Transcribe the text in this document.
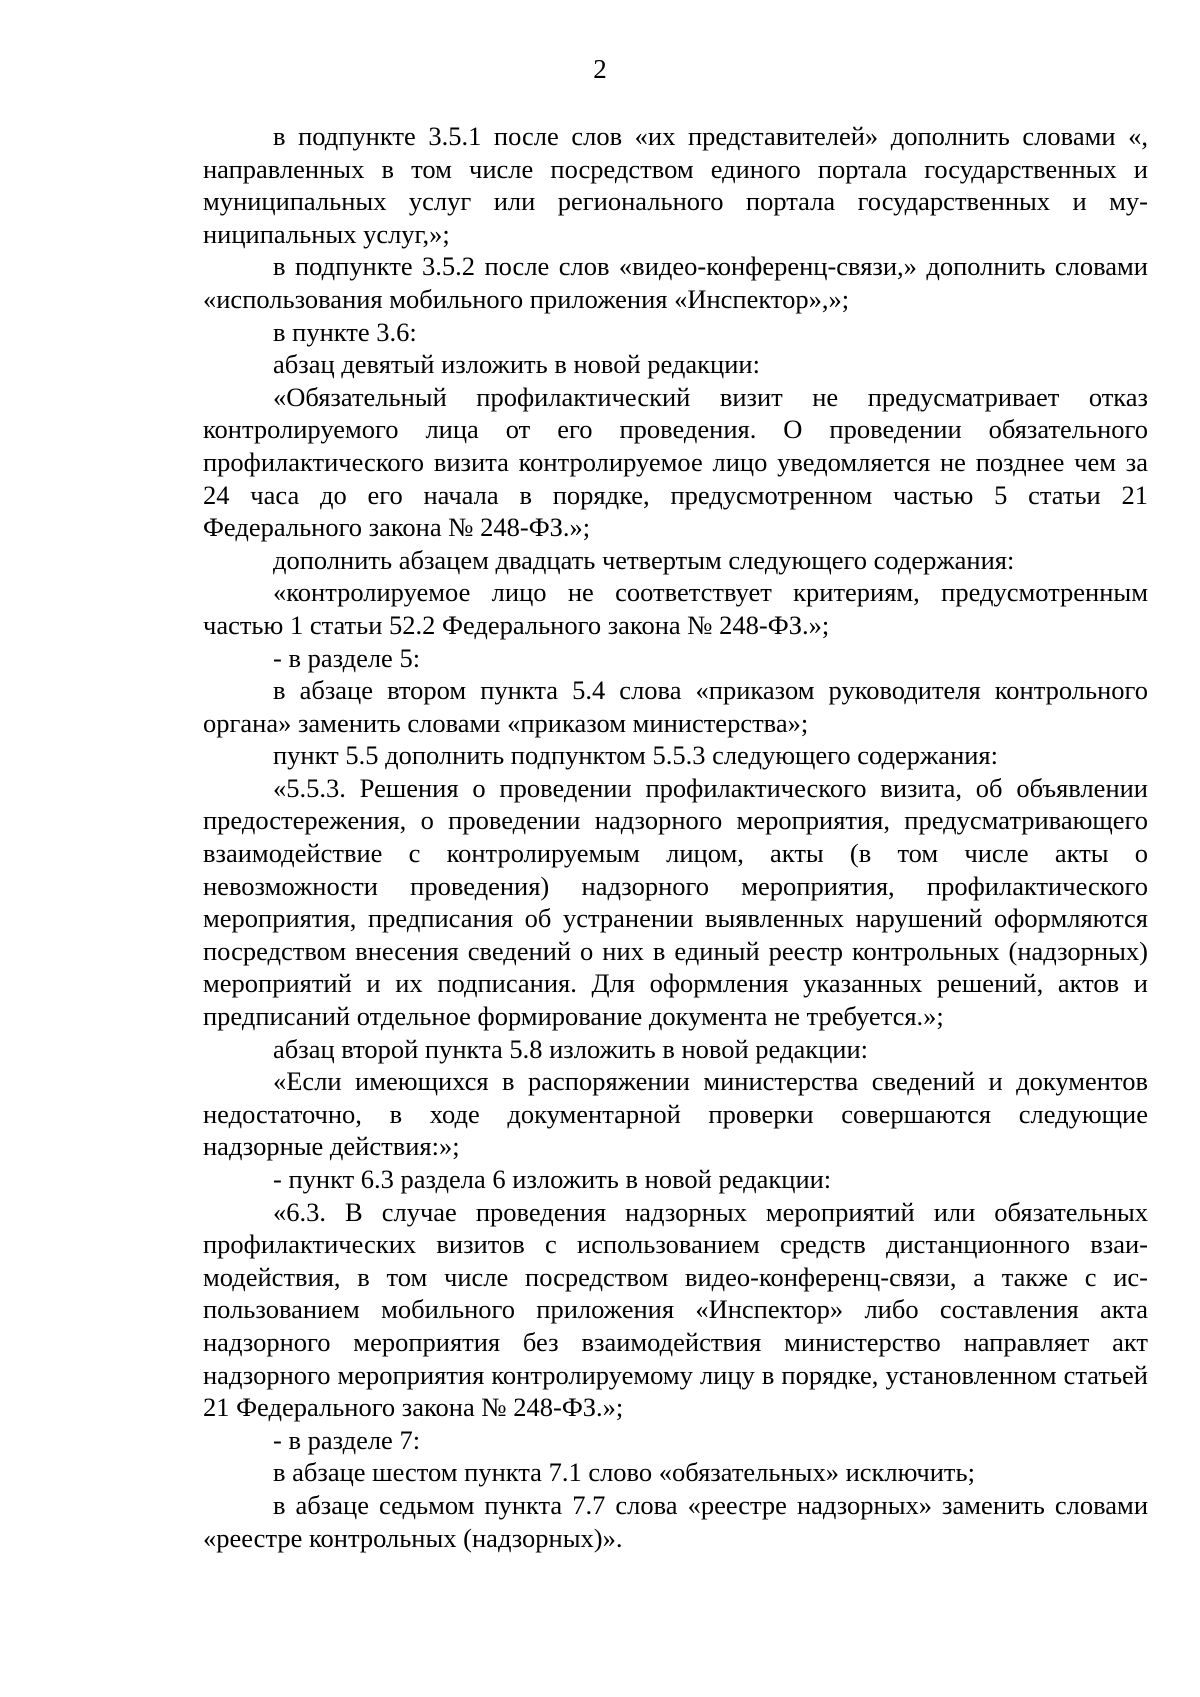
2

в подпункте 3.5.1 после слов «их представителей» дополнить словами «, направленных в том числе посредством единого портала государственных и муниципальных услуг или регионального портала государственных и муниципальных услуг,»;

в подпункте 3.5.2 после слов «видео-конференц-связи,» дополнить словами «использования мобильного приложения «Инспектор»,»;

в пункте 3.6:

абзац девятый изложить в новой редакции:

«Обязательный профилактический визит не предусматривает отказ контролируемого лица от его проведения. О проведении обязательного профилактического визита контролируемое лицо уведомляется не позднее чем за 24 часа до его начала в порядке, предусмотренном частью 5 статьи 21 Федерального закона № 248-ФЗ.»;

дополнить абзацем двадцать четвертым следующего содержания:

«контролируемое лицо не соответствует критериям, предусмотренным частью 1 статьи 52.2 Федерального закона № 248-ФЗ.»;

- в разделе 5:

в абзаце втором пункта 5.4 слова «приказом руководителя контрольного органа» заменить словами «приказом министерства»;

пункт 5.5 дополнить подпунктом 5.5.3 следующего содержания:

«5.5.3. Решения о проведении профилактического визита, об объявлении предостережения, о проведении надзорного мероприятия, предусматривающего взаимодействие с контролируемым лицом, акты (в том числе акты о невозможности проведения) надзорного мероприятия, профилактического мероприятия, предписания об устранении выявленных нарушений оформляются посредством внесения сведений о них в единый реестр контрольных (надзорных) мероприятий и их подписания. Для оформления указанных решений, актов и предписаний отдельное формирование документа не требуется.»;

абзац второй пункта 5.8 изложить в новой редакции:

«Если имеющихся в распоряжении министерства сведений и документов недостаточно, в ходе документарной проверки совершаются следующие надзорные действия:»;

- пункт 6.3 раздела 6 изложить в новой редакции:

«6.3. В случае проведения надзорных мероприятий или обязательных профилактических визитов с использованием средств дистанционного взаимодействия, в том числе посредством видео-конференц-связи, а также с использованием мобильного приложения «Инспектор» либо составления акта надзорного мероприятия без взаимодействия министерство направляет акт надзорного мероприятия контролируемому лицу в порядке, установленном статьей 21 Федерального закона № 248-ФЗ.»;

- в разделе 7:

в абзаце шестом пункта 7.1 слово «обязательных» исключить;

в абзаце седьмом пункта 7.7 слова «реестре надзорных» заменить словами «реестре контрольных (надзорных)».
